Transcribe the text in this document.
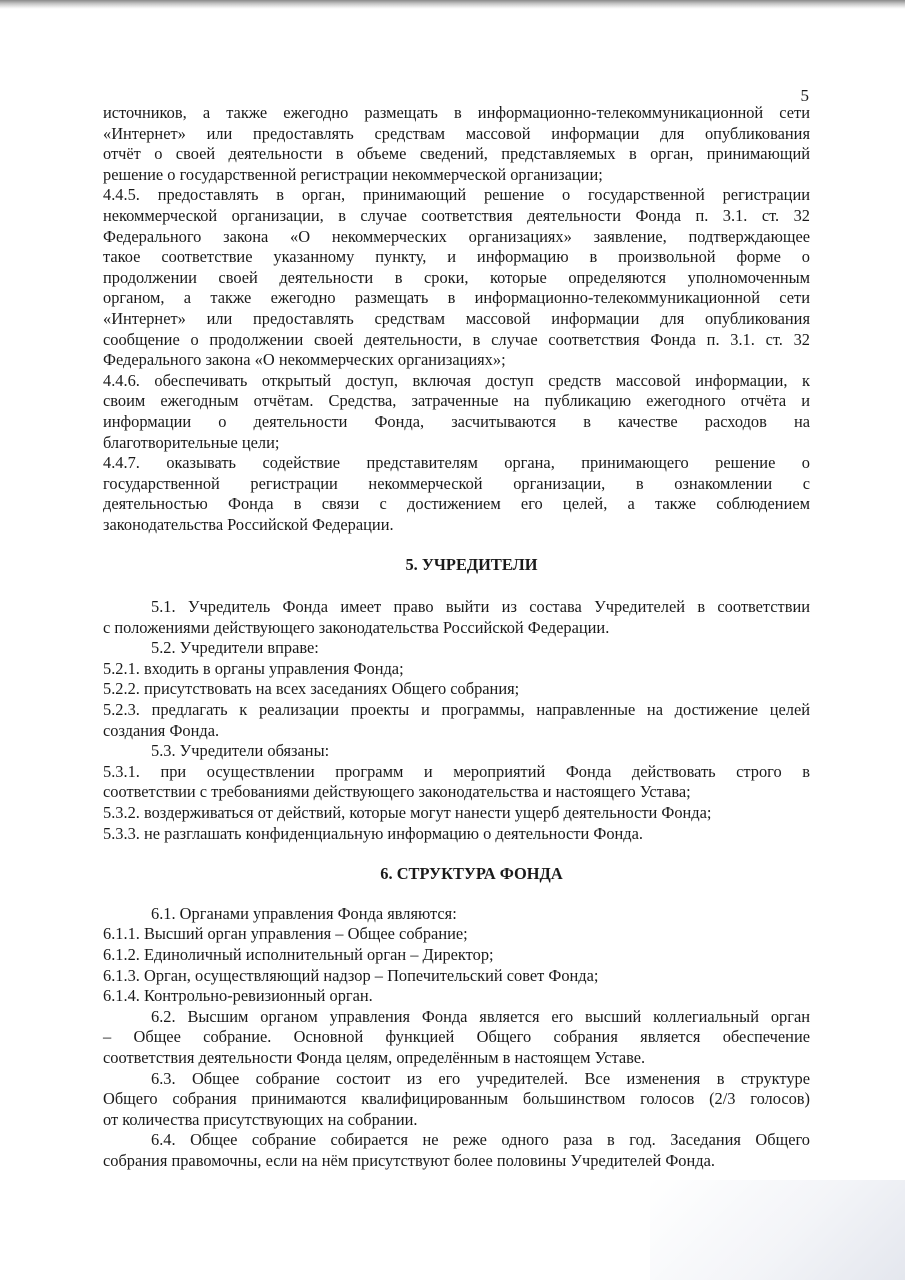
5

источников, а также ежегодно размещать в информационно-телекоммуникационной сети

«Интернет» или предоставлять средствам массовой информации для опубликования

отчёт о своей деятельности в объеме сведений, представляемых в орган, принимающий

решение о государственной регистрации некоммерческой организации;

4.4.5. предоставлять в орган, принимающий решение о государственной регистрации

некоммерческой организации, в случае соответствия деятельности Фонда п. 3.1. ст. 32

Федерального закона «О некоммерческих организациях» заявление, подтверждающее

такое соответствие указанному пункту, и информацию в произвольной форме о

продолжении своей деятельности в сроки, которые определяются уполномоченным

органом, а также ежегодно размещать в информационно-телекоммуникационной сети

«Интернет» или предоставлять средствам массовой информации для опубликования

сообщение о продолжении своей деятельности, в случае соответствия Фонда п. 3.1. ст. 32

Федерального закона «О некоммерческих организациях»;

4.4.6. обеспечивать открытый доступ, включая доступ средств массовой информации, к

своим ежегодным отчётам. Средства, затраченные на публикацию ежегодного отчёта и

информации о деятельности Фонда, засчитываются в качестве расходов на

благотворительные цели;

4.4.7. оказывать содействие представителям органа, принимающего решение о

государственной регистрации некоммерческой организации, в ознакомлении с

деятельностью Фонда в связи с достижением его целей, а также соблюдением

законодательства Российской Федерации.

5. УЧРЕДИТЕЛИ

5.1. Учредитель Фонда имеет право выйти из состава Учредителей в соответствии

с положениями действующего законодательства Российской Федерации.

5.2. Учредители вправе:

5.2.1. входить в органы управления Фонда;

5.2.2. присутствовать на всех заседаниях Общего собрания;

5.2.3. предлагать к реализации проекты и программы, направленные на достижение целей

создания Фонда.

5.3. Учредители обязаны:

5.3.1. при осуществлении программ и мероприятий Фонда действовать строго в

соответствии с требованиями действующего законодательства и настоящего Устава;

5.3.2. воздерживаться от действий, которые могут нанести ущерб деятельности Фонда;

5.3.3. не разглашать конфиденциальную информацию о деятельности Фонда.

6. СТРУКТУРА ФОНДА

6.1. Органами управления Фонда являются:

6.1.1. Высший орган управления – Общее собрание;

6.1.2. Единоличный исполнительный орган – Директор;

6.1.3. Орган, осуществляющий надзор – Попечительский совет Фонда;

6.1.4. Контрольно-ревизионный орган.

6.2. Высшим органом управления Фонда является его высший коллегиальный орган

– Общее собрание. Основной функцией Общего собрания является обеспечение

соответствия деятельности Фонда целям, определённым в настоящем Уставе.

6.3. Общее собрание состоит из его учредителей. Все изменения в структуре

Общего собрания принимаются квалифицированным большинством голосов (2/3 голосов)

от количества присутствующих на собрании.

6.4. Общее собрание собирается не реже одного раза в год. Заседания Общего

собрания правомочны, если на нём присутствуют более половины Учредителей Фонда.
